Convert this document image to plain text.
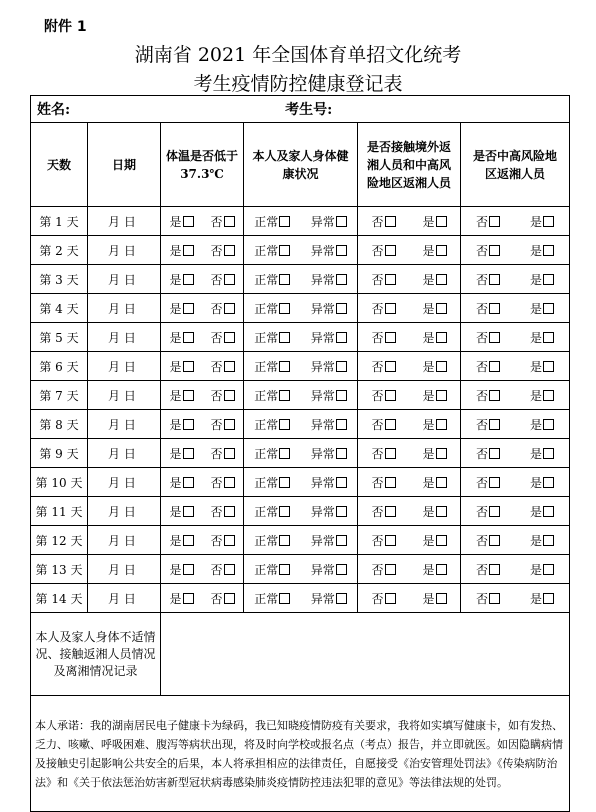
附件 1
湖南省 2021 年全国体育单招文化统考
考生疫情防控健康登记表
姓名: 考生号:					
天数	日期	体温是否低于 37.3℃	本人及家人身体健康状况	是否接触境外返湘人员和中高风险地区返湘人员	是否中高风险地区返湘人员
第 1 天	月 日	是 否	正常 异常	否 是	否 是

第 2 天	月 日	是 否	正常 异常	否 是	否 是

第 3 天	月 日	是 否	正常 异常	否 是	否 是

第 4 天	月 日	是 否	正常 异常	否 是	否 是

第 5 天	月 日	是 否	正常 异常	否 是	否 是

第 6 天	月 日	是 否	正常 异常	否 是	否 是

第 7 天	月 日	是 否	正常 异常	否 是	否 是

第 8 天	月 日	是 否	正常 异常	否 是	否 是

第 9 天	月 日	是 否	正常 异常	否 是	否 是

第 10 天	月 日	是 否	正常 异常	否 是	否 是

第 11 天	月 日	是 否	正常 异常	否 是	否 是

第 12 天	月 日	是 否	正常 异常	否 是	否 是

第 13 天	月 日	是 否	正常 异常	否 是	否 是

第 14 天	月 日	是 否	正常 异常	否 是	否 是

本人及家人身体不适情况、接触返湘人员情况及离湘情况记录					
本人承诺：我的湖南居民电子健康卡为绿码，我已知晓疫情防疫有关要求，我将如实填写健康卡，如有发热、乏力、咳嗽、呼吸困难、腹泻等病状出现，将及时向学校或报名点（考点）报告，并立即就医。如因隐瞒病情及接触史引起影响公共安全的后果，本人将承担相应的法律责任，自愿接受《治安管理处罚法》《传染病防治法》和《关于依法惩治妨害新型冠状病毒感染肺炎疫情防控违法犯罪的意见》等法律法规的处罚。					
